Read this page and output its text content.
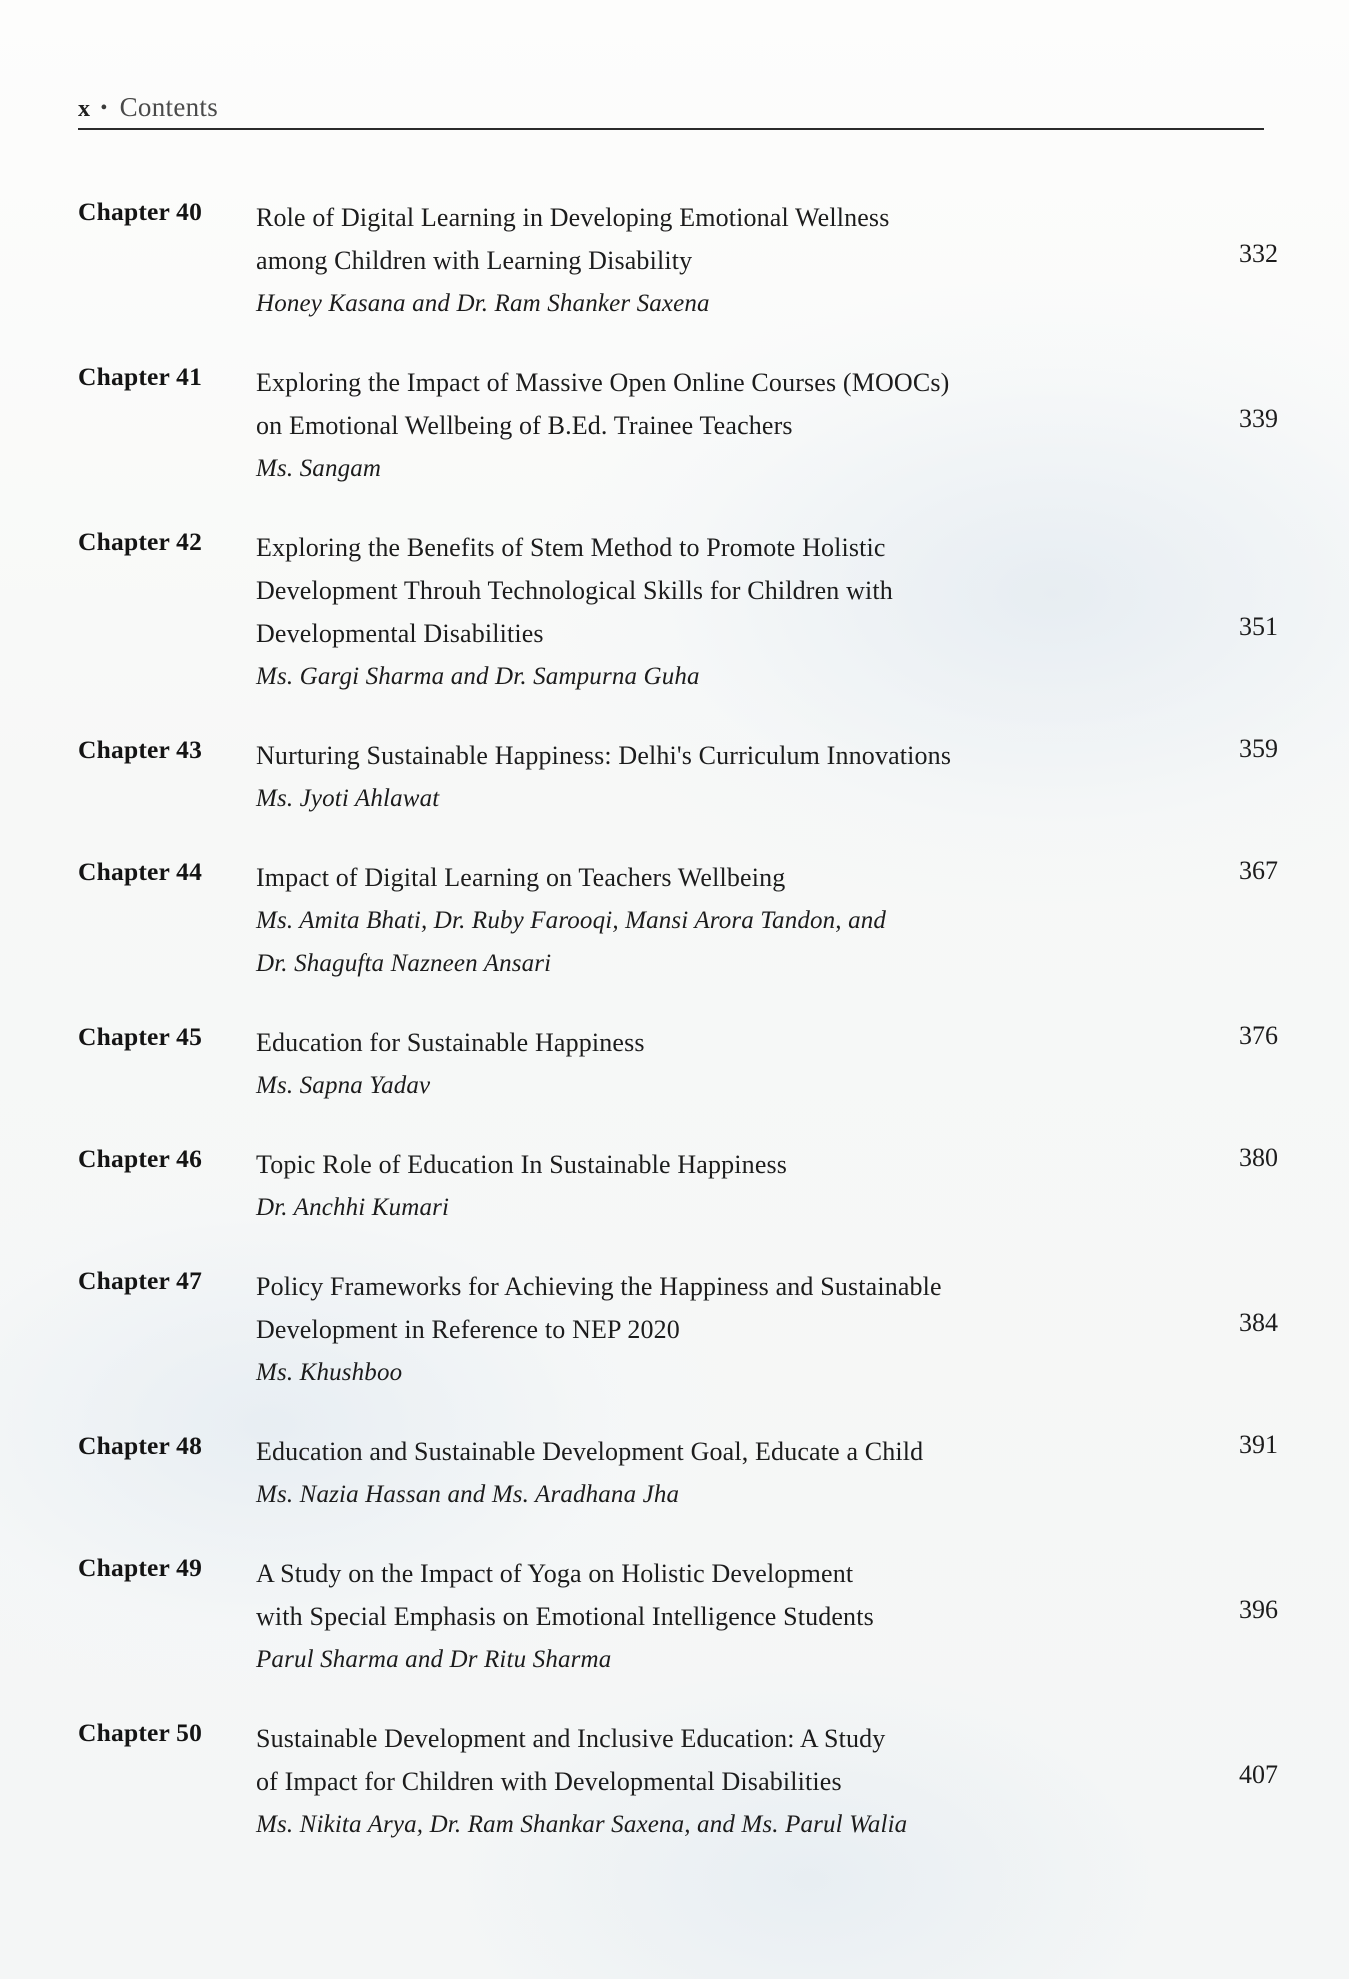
x • Contents
Chapter 40	Role of Digital Learning in Developing Emotional Wellness
among Children with Learning Disability
Honey Kasana and Dr. Ram Shanker Saxena
332
Chapter 41	Exploring the Impact of Massive Open Online Courses (MOOCs)
on Emotional Wellbeing of B.Ed. Trainee Teachers
Ms. Sangam
339
Chapter 42	Exploring the Benefits of Stem Method to Promote Holistic
Development Throuh Technological Skills for Children with
Developmental Disabilities
Ms. Gargi Sharma and Dr. Sampurna Guha
351
Chapter 43	Nurturing Sustainable Happiness: Delhi's Curriculum Innovations
Ms. Jyoti Ahlawat
359
Chapter 44	Impact of Digital Learning on Teachers Wellbeing
Ms. Amita Bhati, Dr. Ruby Farooqi, Mansi Arora Tandon, and
Dr. Shagufta Nazneen Ansari
367
Chapter 45	Education for Sustainable Happiness
Ms. Sapna Yadav
376
Chapter 46	Topic Role of Education In Sustainable Happiness
Dr. Anchhi Kumari
380
Chapter 47	Policy Frameworks for Achieving the Happiness and Sustainable
Development in Reference to NEP 2020
Ms. Khushboo
384
Chapter 48	Education and Sustainable Development Goal, Educate a Child
Ms. Nazia Hassan and Ms. Aradhana Jha
391
Chapter 49	A Study on the Impact of Yoga on Holistic Development
with Special Emphasis on Emotional Intelligence Students
Parul Sharma and Dr Ritu Sharma
396
Chapter 50	Sustainable Development and Inclusive Education: A Study
of Impact for Children with Developmental Disabilities
Ms. Nikita Arya, Dr. Ram Shankar Saxena, and Ms. Parul Walia
407
